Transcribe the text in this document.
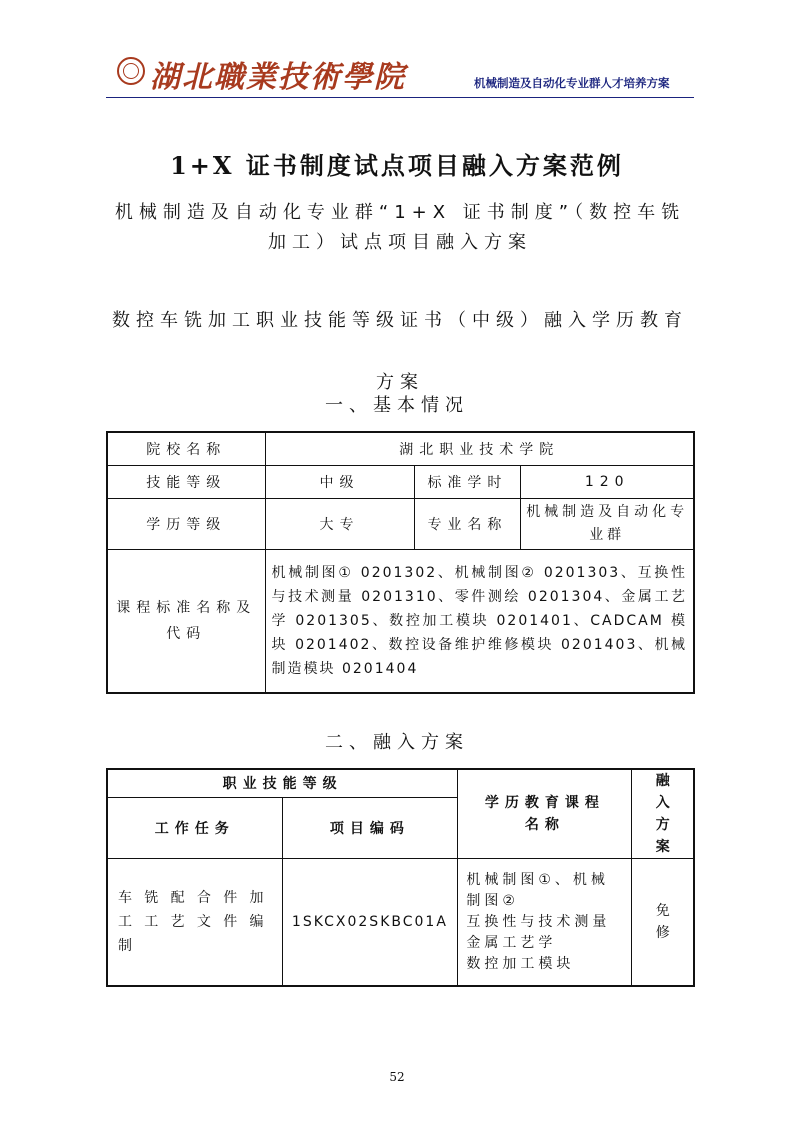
湖北職業技術學院	机械制造及自动化专业群人才培养方案
1+X 证书制度试点项目融入方案范例
机械制造及自动化专业群“1+X 证书制度”（数控车铣加工）试点项目融入方案
数控车铣加工职业技能等级证书（中级）融入学历教育方案
一、基本情况
院校名称	湖北职业技术学院		
技能等级	中级	标准学时	120
学历等级	大专	专业名称	机械制造及自动化专业群
课程标准名称及代码	机械制图① 0201302、机械制图② 0201303、互换性与技术测量 0201310、零件测绘 0201304、金属工艺学 0201305、数控加工模块 0201401、CADCAM 模块 0201402、数控设备维护维修模块 0201403、机械制造模块 0201404		
二、融入方案
职业技能等级		学历教育课程名称	融入方案
工作任务	项目编码		
车铣配合件加工工艺文件编制	1SKCX02SKBC01A	机械制图①、机械制图②
互换性与技术测量
金属工艺学
数控加工模块	免修
52
